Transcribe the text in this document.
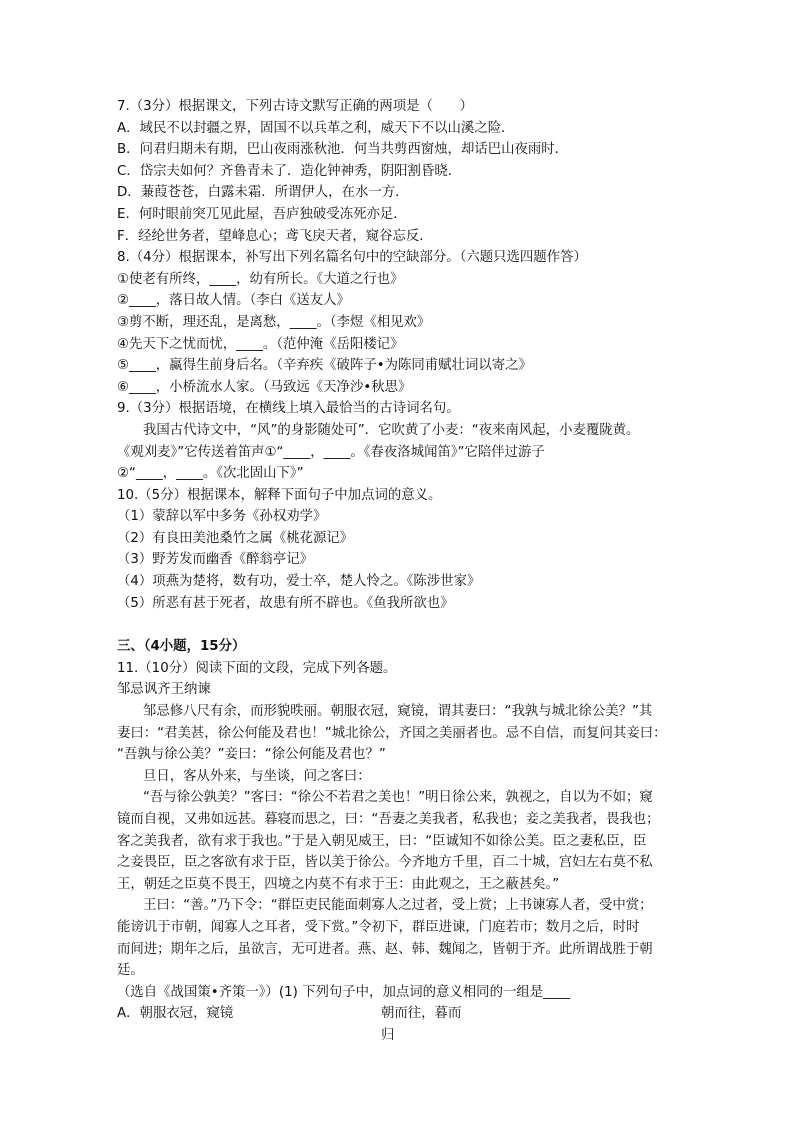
7.（3分）根据课文，下列古诗文默写正确的两项是（　　）
A．域民不以封疆之界，固国不以兵革之利，威天下不以山溪之险．
B．问君归期未有期，巴山夜雨涨秋池．何当共剪西窗烛，却话巴山夜雨时．
C．岱宗夫如何？齐鲁青未了．造化钟神秀，阴阳割昏晓．
D．蒹葭苍苍，白露未霜．所谓伊人，在水一方．
E．何时眼前突兀见此屋，吾庐独破受冻死亦足．
F．经纶世务者，望峰息心；鸢飞戾天者，窥谷忘反．
8.（4分）根据课本，补写出下列名篇名句中的空缺部分。（六题只选四题作答）
①使老有所终，____，幼有所长。《大道之行也》
②____，落日故人情。（李白《送友人》
③剪不断，理还乱，是离愁，____。（李煜《相见欢》
④先天下之忧而忧，____。（范仲淹《岳阳楼记》
⑤____，赢得生前身后名。（辛弃疾《破阵子•为陈同甫赋壮词以寄之》
⑥____，小桥流水人家。（马致远《天净沙•秋思》
9.（3分）根据语境，在横线上填入最恰当的古诗词名句。
我国古代诗文中，“风”的身影随处可”．它吹黄了小麦：“夜来南风起，小麦覆陇黄。
《观刈麦》”它传送着笛声①“____，____。《春夜洛城闻笛》”它陪伴过游子
②“____，____。《次北固山下》”
10.（5分）根据课本，解释下面句子中加点词的意义。
（1）蒙辞以军中多务《孙权劝学》
（2）有良田美池桑竹之属《桃花源记》
（3）野芳发而幽香《醉翁亭记》
（4）项燕为楚将，数有功，爱士卒，楚人怜之。《陈涉世家》
（5）所恶有甚于死者，故患有所不辟也。《鱼我所欲也》
三、（4小题，15分）
11.（10分）阅读下面的文段，完成下列各题。
邹忌讽齐王纳谏
邹忌修八尺有余，而形貌昳丽。朝服衣冠，窥镜，谓其妻曰：“我孰与城北徐公美？”其
妻曰：“君美甚，徐公何能及君也！”城北徐公，齐国之美丽者也。忌不自信，而复问其妾曰：
“吾孰与徐公美？”妾曰：“徐公何能及君也？”
旦日，客从外来，与坐谈，问之客曰：
“吾与徐公孰美？”客曰：“徐公不若君之美也！”明日徐公来，孰视之，自以为不如；窥
镜而自视，又弗如远甚。暮寝而思之，曰：“吾妻之美我者，私我也；妾之美我者，畏我也；
客之美我者，欲有求于我也。”于是入朝见威王，曰：“臣诚知不如徐公美。臣之妻私臣，臣
之妾畏臣，臣之客欲有求于臣，皆以美于徐公。今齐地方千里，百二十城，宫妇左右莫不私
王，朝廷之臣莫不畏王，四境之内莫不有求于王：由此观之，王之蔽甚矣。”
王曰：“善。”乃下令：“群臣吏民能面刺寡人之过者，受上赏；上书谏寡人者，受中赏；
能谤讥于市朝，闻寡人之耳者，受下赏。”令初下，群臣进谏，门庭若市；数月之后，时时
而间进；期年之后，虽欲言，无可进者。燕、赵、韩、魏闻之，皆朝于齐。此所谓战胜于朝
廷。
（选自《战国策•齐策一》）(1) 下列句子中，加点词的意义相同的一组是____
A．朝服衣冠，窥镜	朝而往，暮而
归
